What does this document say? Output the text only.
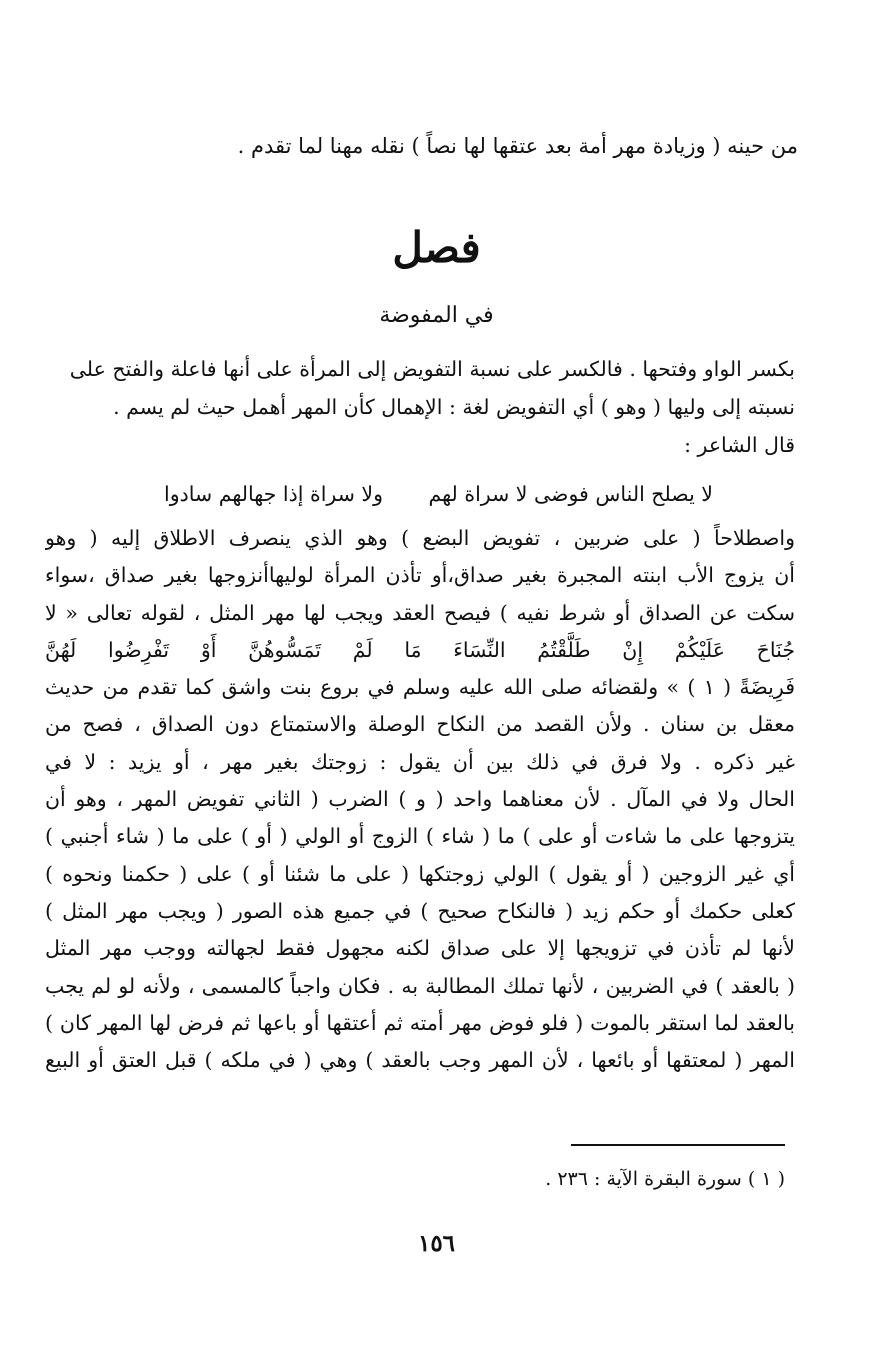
من حينه ( وزيادة مهر أمة بعد عتقها لها نصاً ) نقله مهنا لما تقدم .
فصل
في المفوضة
بكسر الواو وفتحها . فالكسر على نسبة التفويض إلى المرأة على أنها فاعلة والفتح على
نسبته إلى وليها ( وهو ) أي التفويض لغة : الإهمال كأن المهر أهمل حيث لم يسم .
قال الشاعر :
لا يصلح الناس فوضى لا سراة لهم
ولا سراة إذا جهالهم سادوا
واصطلاحاً ( على ضربين ، تفويض البضع ) وهو الذي ينصرف الاطلاق إليه ( وهو
أن يزوج الأب ابنته المجبرة بغير صداق،أو تأذن المرأة لوليهاأنزوجها بغير صداق ،سواء
سكت عن الصداق أو شرط نفيه ) فيصح العقد ويجب لها مهر المثل ، لقوله تعالى « لا
جُنَاحَ عَلَيْكُمْ إِنْ طَلَّقْتُمُ النِّسَاءَ مَا لَمْ تَمَسُّوهُنَّ أَوْ تَفْرِضُوا لَهُنَّ
فَرِيضَةً ( ١ ) » ولقضائه صلى الله عليه وسلم في بروع بنت واشق كما تقدم من حديث
معقل بن سنان . ولأن القصد من النكاح الوصلة والاستمتاع دون الصداق ، فصح من
غير ذكره . ولا فرق في ذلك بين أن يقول : زوجتك بغير مهر ، أو يزيد : لا في
الحال ولا في المآل . لأن معناهما واحد ( و ) الضرب ( الثاني تفويض المهر ، وهو أن
يتزوجها على ما شاءت أو على ) ما ( شاء ) الزوج أو الولي ( أو ) على ما ( شاء أجنبي )
أي غير الزوجين ( أو يقول ) الولي زوجتكها ( على ما شئنا أو ) على ( حكمنا ونحوه )
كعلى حكمك أو حكم زيد ( فالنكاح صحيح ) في جميع هذه الصور ( ويجب مهر المثل )
لأنها لم تأذن في تزويجها إلا على صداق لكنه مجهول فقط لجهالته ووجب مهر المثل
( بالعقد ) في الضربين ، لأنها تملك المطالبة به . فكان واجباً كالمسمى ، ولأنه لو لم يجب
بالعقد لما استقر بالموت ( فلو فوض مهر أمته ثم أعتقها أو باعها ثم فرض لها المهر كان )
المهر ( لمعتقها أو بائعها ، لأن المهر وجب بالعقد ) وهي ( في ملكه ) قبل العتق أو البيع
( ١ ) سورة البقرة الآية : ٢٣٦ .
١٥٦
